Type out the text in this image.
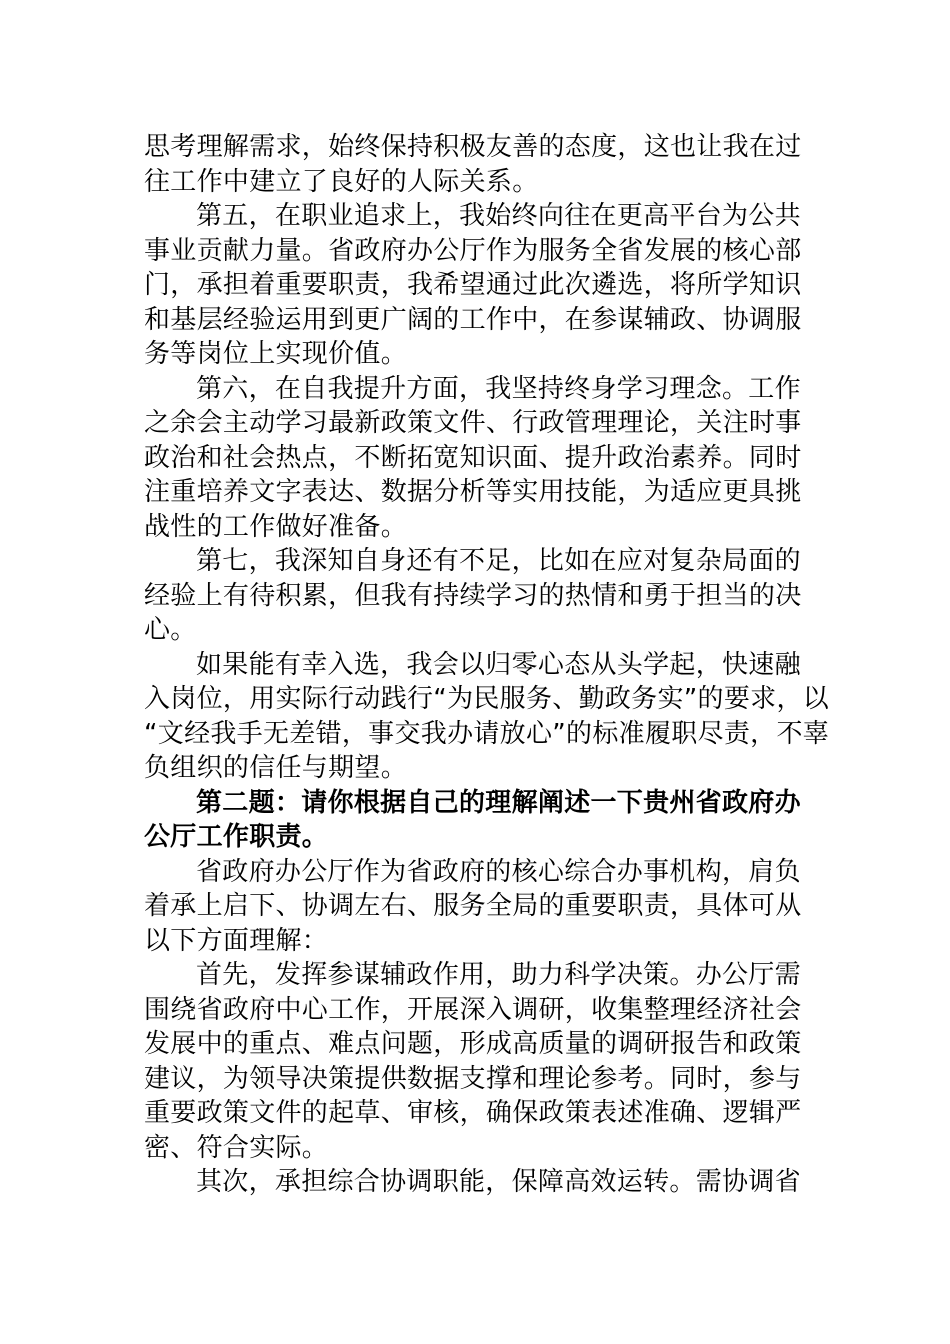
思考理解需求，始终保持积极友善的态度，这也让我在过
往工作中建立了良好的人际关系。
第五，在职业追求上，我始终向往在更高平台为公共
事业贡献力量。省政府办公厅作为服务全省发展的核心部
门，承担着重要职责，我希望通过此次遴选，将所学知识
和基层经验运用到更广阔的工作中，在参谋辅政、协调服
务等岗位上实现价值。
第六，在自我提升方面，我坚持终身学习理念。工作
之余会主动学习最新政策文件、行政管理理论，关注时事
政治和社会热点，不断拓宽知识面、提升政治素养。同时
注重培养文字表达、数据分析等实用技能，为适应更具挑
战性的工作做好准备。
第七，我深知自身还有不足，比如在应对复杂局面的
经验上有待积累，但我有持续学习的热情和勇于担当的决
心。
如果能有幸入选，我会以归零心态从头学起，快速融
入岗位，用实际行动践行“为民服务、勤政务实”的要求，以
“文经我手无差错，事交我办请放心”的标准履职尽责，不辜
负组织的信任与期望。
第二题：请你根据自己的理解阐述一下贵州省政府办
公厅工作职责。
省政府办公厅作为省政府的核心综合办事机构，肩负
着承上启下、协调左右、服务全局的重要职责，具体可从
以下方面理解：
首先，发挥参谋辅政作用，助力科学决策。办公厅需
围绕省政府中心工作，开展深入调研，收集整理经济社会
发展中的重点、难点问题，形成高质量的调研报告和政策
建议，为领导决策提供数据支撑和理论参考。同时，参与
重要政策文件的起草、审核，确保政策表述准确、逻辑严
密、符合实际。
其次，承担综合协调职能，保障高效运转。需协调省
